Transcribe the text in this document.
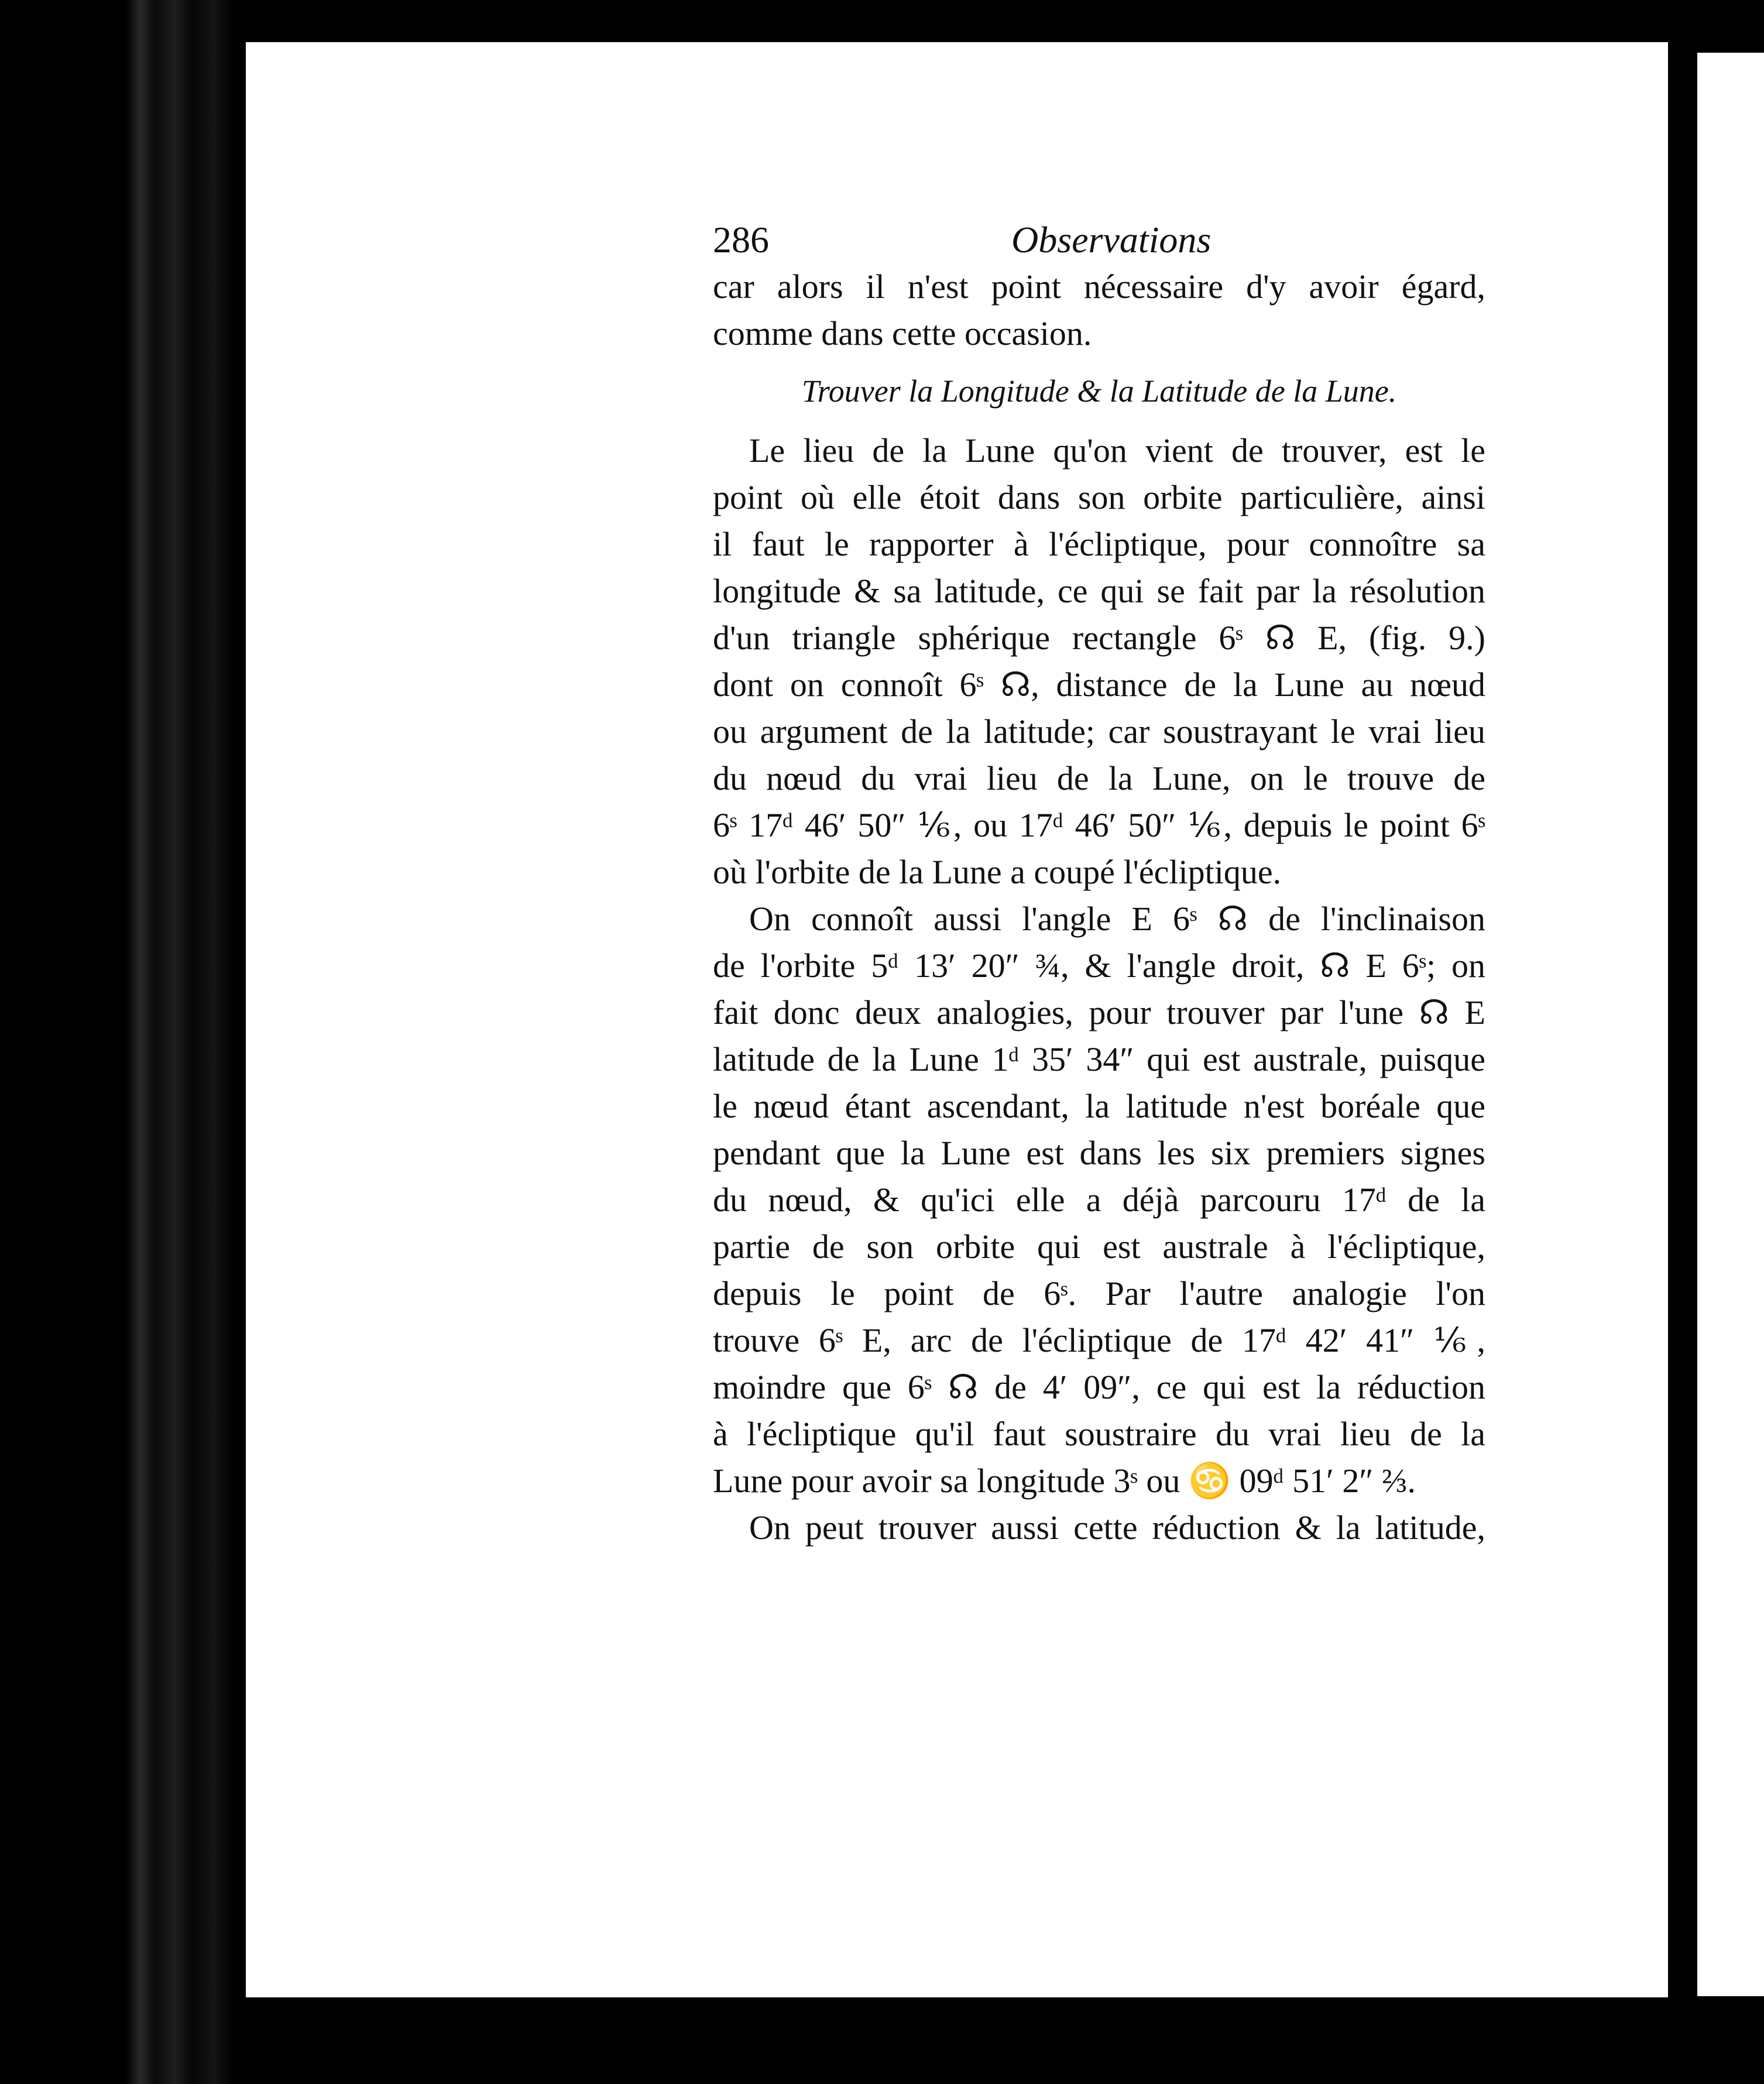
286	Observations
car alors il n'est point nécessaire d'y avoir égard,
comme dans cette occasion.
Trouver la Longitude & la Latitude de la Lune.
Le lieu de la Lune qu'on vient de trouver, est le
point où elle étoit dans son orbite particulière, ainsi
il faut le rapporter à l'écliptique, pour connoître sa
longitude & sa latitude, ce qui se fait par la résolution
d'un triangle sphérique rectangle 6ˢ ☊ E, (fig. 9.)
dont on connoît 6ˢ ☊, distance de la Lune au nœud
ou argument de la latitude; car soustrayant le vrai lieu
du nœud du vrai lieu de la Lune, on le trouve de
6ˢ 17ᵈ 46′ 50″ ⅙, ou 17ᵈ 46′ 50″ ⅙, depuis le point 6ˢ
où l'orbite de la Lune a coupé l'écliptique.
On connoît aussi l'angle E 6ˢ ☊ de l'inclinaison
de l'orbite 5ᵈ 13′ 20″ ¾, & l'angle droit, ☊ E 6ˢ; on
fait donc deux analogies, pour trouver par l'une ☊ E
latitude de la Lune 1ᵈ 35′ 34″ qui est australe, puisque
le nœud étant ascendant, la latitude n'est boréale que
pendant que la Lune est dans les six premiers signes
du nœud, & qu'ici elle a déjà parcouru 17ᵈ de la
partie de son orbite qui est australe à l'écliptique,
depuis le point de 6ˢ. Par l'autre analogie l'on
trouve 6ˢ E, arc de l'écliptique de 17ᵈ 42′ 41″ ⅙,
moindre que 6ˢ ☊ de 4′ 09″, ce qui est la réduction
à l'écliptique qu'il faut soustraire du vrai lieu de la
Lune pour avoir sa longitude 3ˢ ou ♋ 09ᵈ 51′ 2″ ⅔.
On peut trouver aussi cette réduction & la latitude,
